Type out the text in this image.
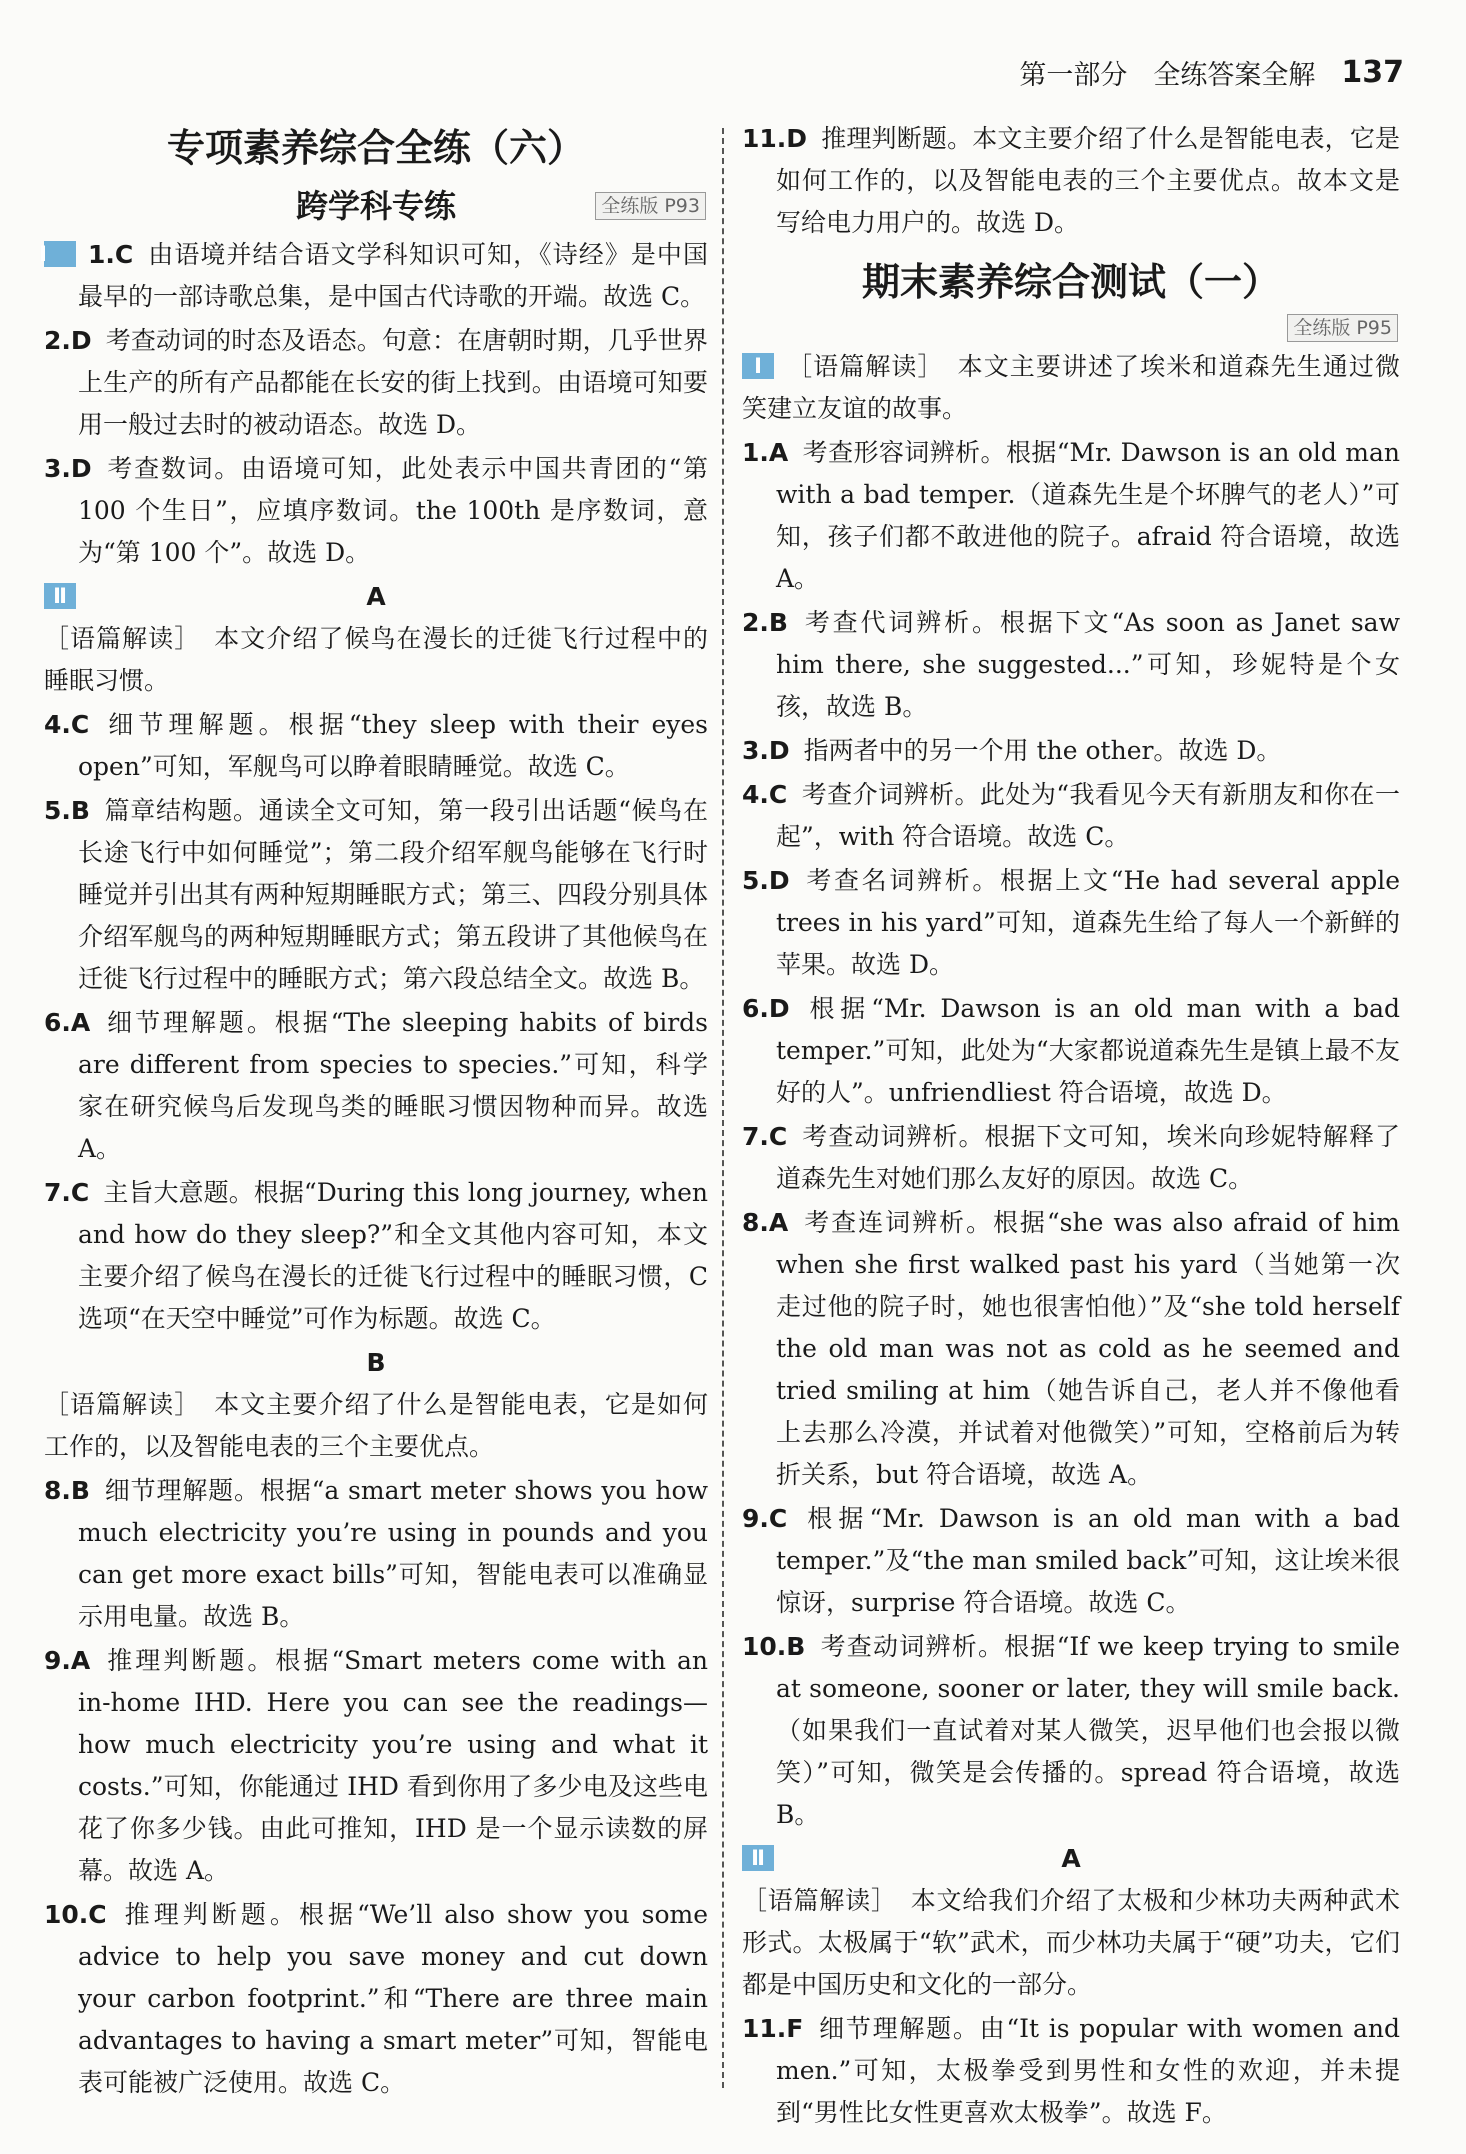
第一部分 全练答案全解 137
专项素养综合全练（六）
跨学科专练	全练版 P93

Ⅰ 1.C 由语境并结合语文学科知识可知，《诗经》是中国最早的一部诗歌总集，是中国古代诗歌的开端。故选 C。

2.D 考查动词的时态及语态。句意：在唐朝时期，几乎世界上生产的所有产品都能在长安的街上找到。由语境可知要用一般过去时的被动语态。故选 D。

3.D 考查数词。由语境可知，此处表示中国共青团的“第 100 个生日”，应填序数词。the 100th 是序数词，意为“第 100 个”。故选 D。

Ⅱ	A

［语篇解读］ 本文介绍了候鸟在漫长的迁徙飞行过程中的睡眠习惯。

4.C 细节理解题。根据“they sleep with their eyes open”可知，军舰鸟可以睁着眼睛睡觉。故选 C。

5.B 篇章结构题。通读全文可知，第一段引出话题“候鸟在长途飞行中如何睡觉”；第二段介绍军舰鸟能够在飞行时睡觉并引出其有两种短期睡眠方式；第三、四段分别具体介绍军舰鸟的两种短期睡眠方式；第五段讲了其他候鸟在迁徙飞行过程中的睡眠方式；第六段总结全文。故选 B。

6.A 细节理解题。根据“The sleeping habits of birds are different from species to species.”可知，科学家在研究候鸟后发现鸟类的睡眠习惯因物种而异。故选 A。

7.C 主旨大意题。根据“During this long journey, when and how do they sleep?”和全文其他内容可知，本文主要介绍了候鸟在漫长的迁徙飞行过程中的睡眠习惯，C 选项“在天空中睡觉”可作为标题。故选 C。

B

［语篇解读］ 本文主要介绍了什么是智能电表，它是如何工作的，以及智能电表的三个主要优点。

8.B 细节理解题。根据“a smart meter shows you how much electricity you’re using in pounds and you can get more exact bills”可知，智能电表可以准确显示用电量。故选 B。

9.A 推理判断题。根据“Smart meters come with an in-home IHD. Here you can see the readings—how much electricity you’re using and what it costs.”可知，你能通过 IHD 看到你用了多少电及这些电花了你多少钱。由此可推知，IHD 是一个显示读数的屏幕。故选 A。

10.C 推理判断题。根据“We’ll also show you some advice to help you save money and cut down your carbon footprint.”和“There are three main advantages to having a smart meter”可知，智能电表可能被广泛使用。故选 C。

11.D 推理判断题。本文主要介绍了什么是智能电表，它是如何工作的，以及智能电表的三个主要优点。故本文是写给电力用户的。故选 D。

期末素养综合测试（一）
全练版 P95

Ⅰ ［语篇解读］ 本文主要讲述了埃米和道森先生通过微笑建立友谊的故事。

1.A 考查形容词辨析。根据“Mr. Dawson is an old man with a bad temper.（道森先生是个坏脾气的老人）”可知，孩子们都不敢进他的院子。afraid 符合语境，故选 A。

2.B 考查代词辨析。根据下文“As soon as Janet saw him there, she suggested...”可知，珍妮特是个女孩，故选 B。

3.D 指两者中的另一个用 the other。故选 D。

4.C 考查介词辨析。此处为“我看见今天有新朋友和你在一起”，with 符合语境。故选 C。

5.D 考查名词辨析。根据上文“He had several apple trees in his yard”可知，道森先生给了每人一个新鲜的苹果。故选 D。

6.D 根据“Mr. Dawson is an old man with a bad temper.”可知，此处为“大家都说道森先生是镇上最不友好的人”。unfriendliest 符合语境，故选 D。

7.C 考查动词辨析。根据下文可知，埃米向珍妮特解释了道森先生对她们那么友好的原因。故选 C。

8.A 考查连词辨析。根据“she was also afraid of him when she first walked past his yard（当她第一次走过他的院子时，她也很害怕他）”及“she told herself the old man was not as cold as he seemed and tried smiling at him（她告诉自己，老人并不像他看上去那么冷漠，并试着对他微笑）”可知，空格前后为转折关系，but 符合语境，故选 A。

9.C 根据“Mr. Dawson is an old man with a bad temper.”及“the man smiled back”可知，这让埃米很惊讶，surprise 符合语境。故选 C。

10.B 考查动词辨析。根据“If we keep trying to smile at someone, sooner or later, they will smile back.（如果我们一直试着对某人微笑，迟早他们也会报以微笑）”可知，微笑是会传播的。spread 符合语境，故选 B。

Ⅱ	A

［语篇解读］ 本文给我们介绍了太极和少林功夫两种武术形式。太极属于“软”武术，而少林功夫属于“硬”功夫，它们都是中国历史和文化的一部分。

11.F 细节理解题。由“It is popular with women and men.”可知，太极拳受到男性和女性的欢迎，并未提到“男性比女性更喜欢太极拳”。故选 F。
